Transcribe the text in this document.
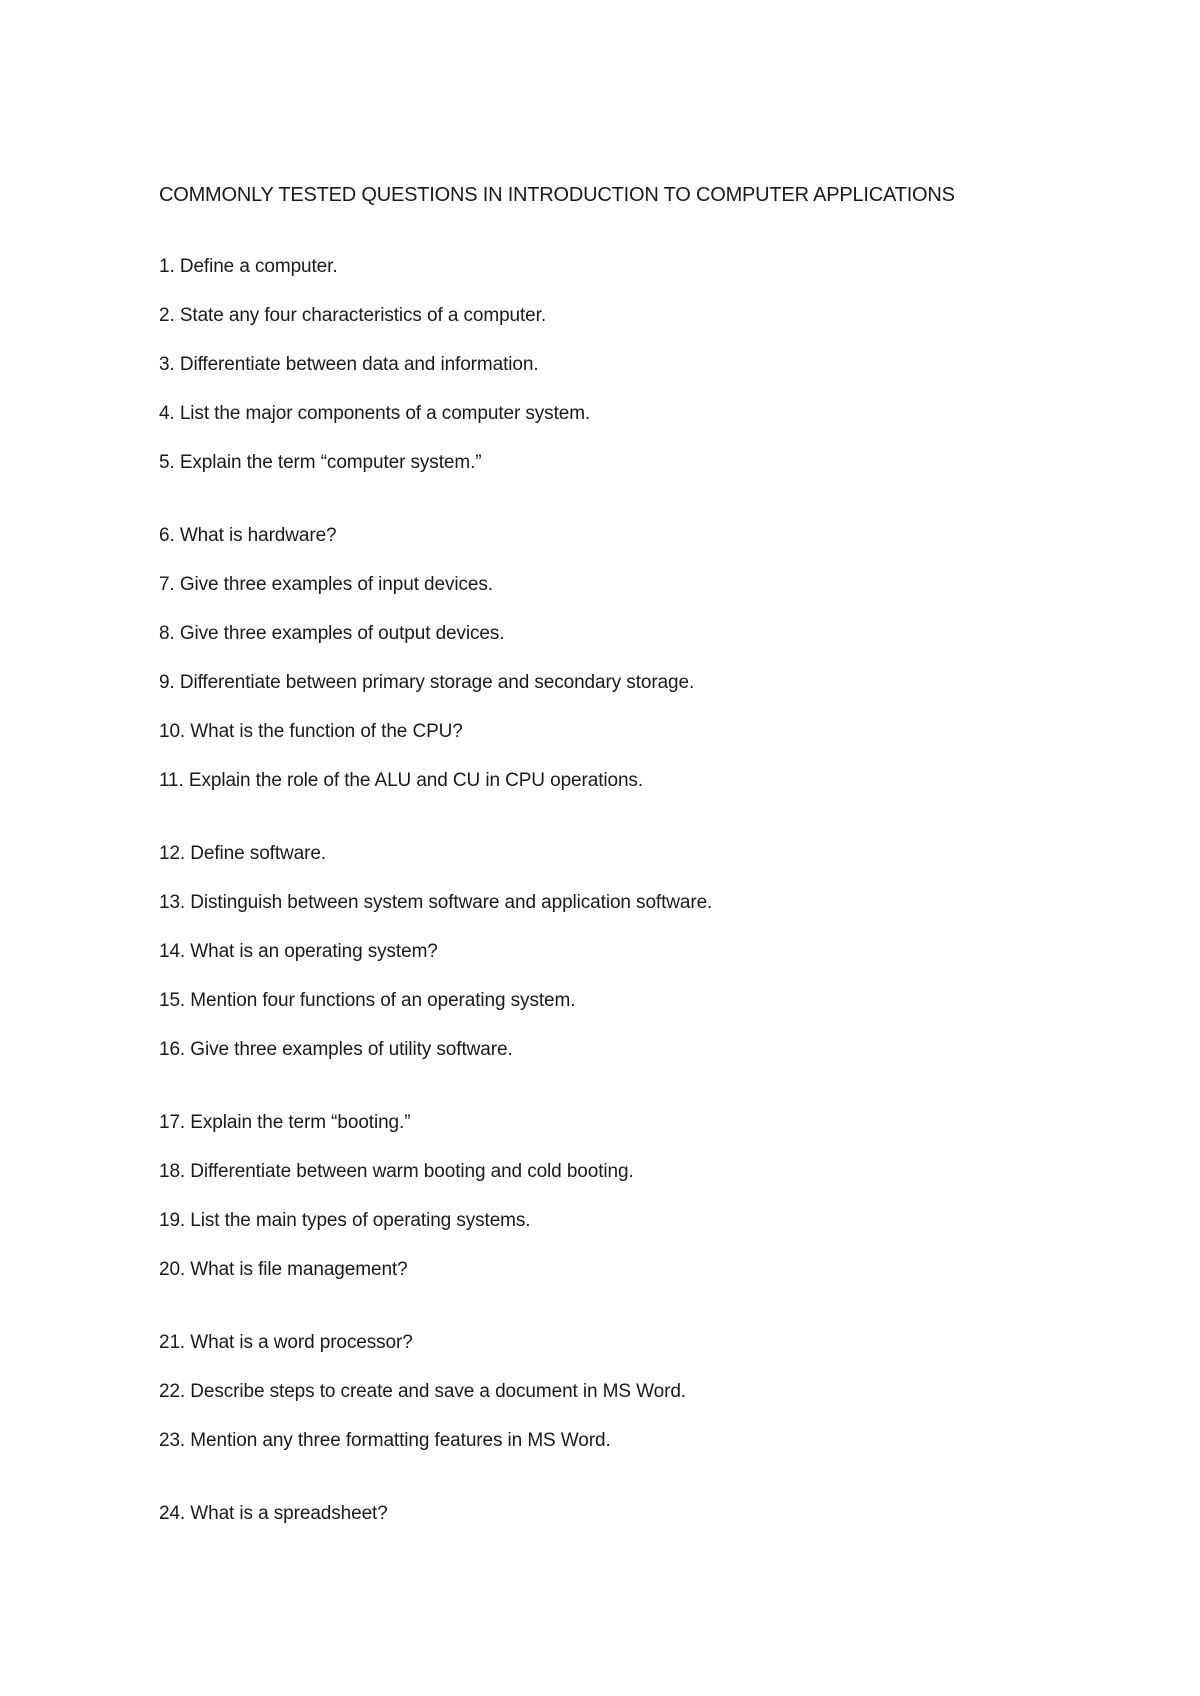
COMMONLY TESTED QUESTIONS IN INTRODUCTION TO COMPUTER APPLICATIONS
1. Define a computer.
2. State any four characteristics of a computer.
3. Differentiate between data and information.
4. List the major components of a computer system.
5. Explain the term “computer system.”
6. What is hardware?
7. Give three examples of input devices.
8. Give three examples of output devices.
9. Differentiate between primary storage and secondary storage.
10. What is the function of the CPU?
11. Explain the role of the ALU and CU in CPU operations.
12. Define software.
13. Distinguish between system software and application software.
14. What is an operating system?
15. Mention four functions of an operating system.
16. Give three examples of utility software.
17. Explain the term “booting.”
18. Differentiate between warm booting and cold booting.
19. List the main types of operating systems.
20. What is file management?
21. What is a word processor?
22. Describe steps to create and save a document in MS Word.
23. Mention any three formatting features in MS Word.
24. What is a spreadsheet?
